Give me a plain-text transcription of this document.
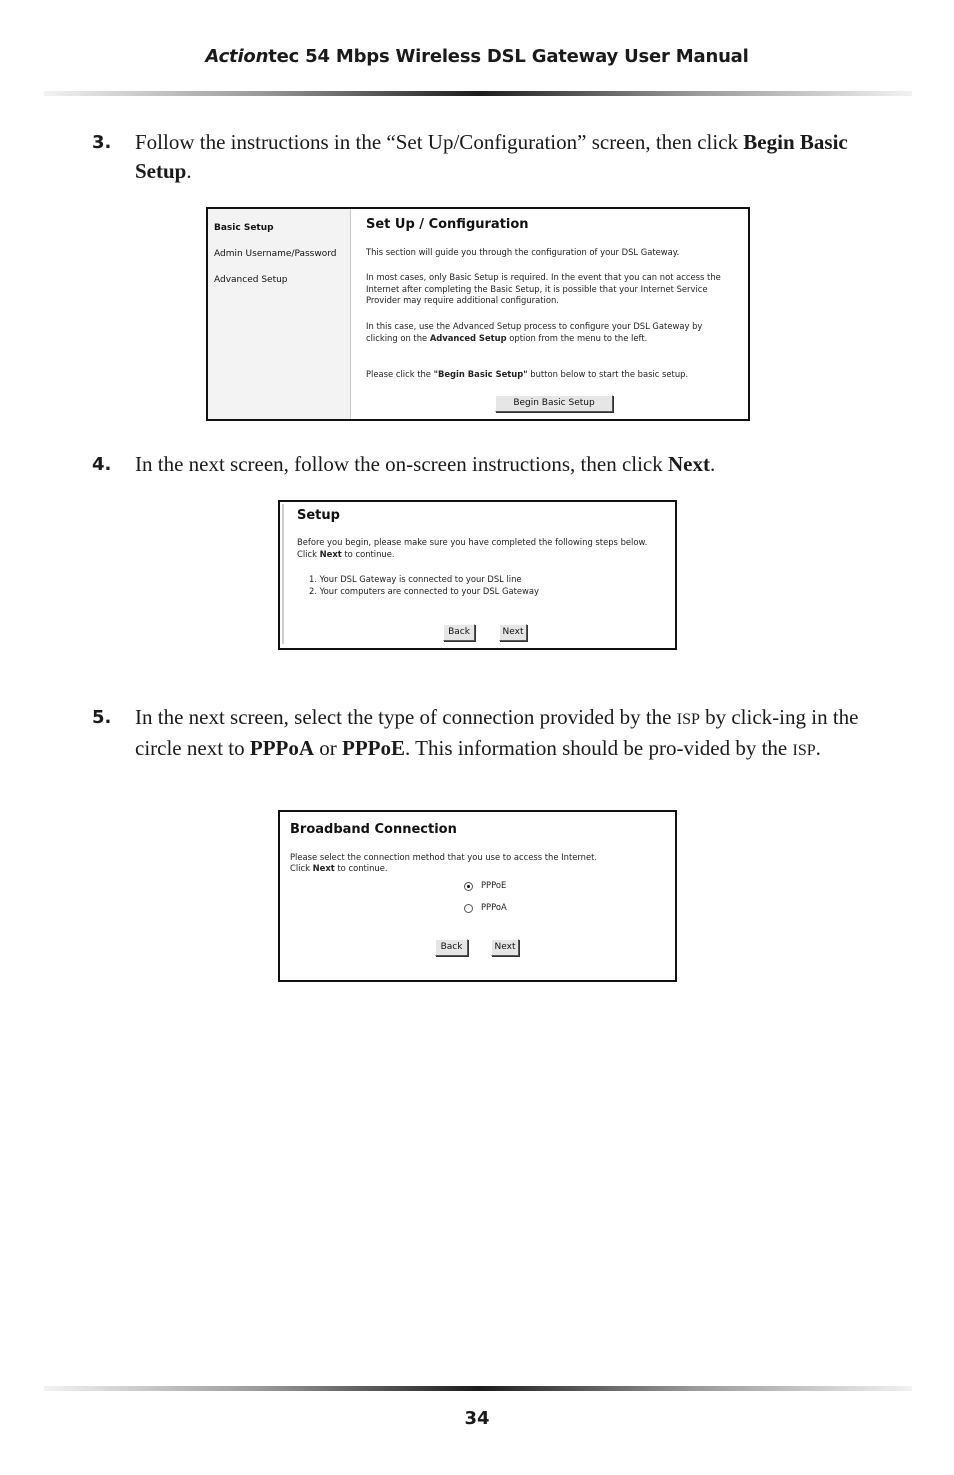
Actiontec 54 Mbps Wireless DSL Gateway User Manual
3. Follow the instructions in the “Set Up/Configuration” screen, then click Begin Basic Setup.
Basic Setup
Admin Username/Password
Advanced Setup
Set Up / Configuration
This section will guide you through the configuration of your DSL Gateway.
In most cases, only Basic Setup is required. In the event that you can not access the Internet after completing the Basic Setup, it is possible that your Internet Service Provider may require additional configuration.
In this case, use the Advanced Setup process to configure your DSL Gateway by clicking on the Advanced Setup option from the menu to the left.
Please click the "Begin Basic Setup" button below to start the basic setup.
Begin Basic Setup
4. In the next screen, follow the on-screen instructions, then click Next.
Setup
Before you begin, please make sure you have completed the following steps below. Click Next to continue.
1. Your DSL Gateway is connected to your DSL line
2. Your computers are connected to your DSL Gateway
Back	Next
5. In the next screen, select the type of connection provided by the ISP by click-ing in the circle next to PPPoA or PPPoE. This information should be pro-vided by the ISP.
Broadband Connection
Please select the connection method that you use to access the Internet.
Click Next to continue.
PPPoE
PPPoA
Back	Next
34
